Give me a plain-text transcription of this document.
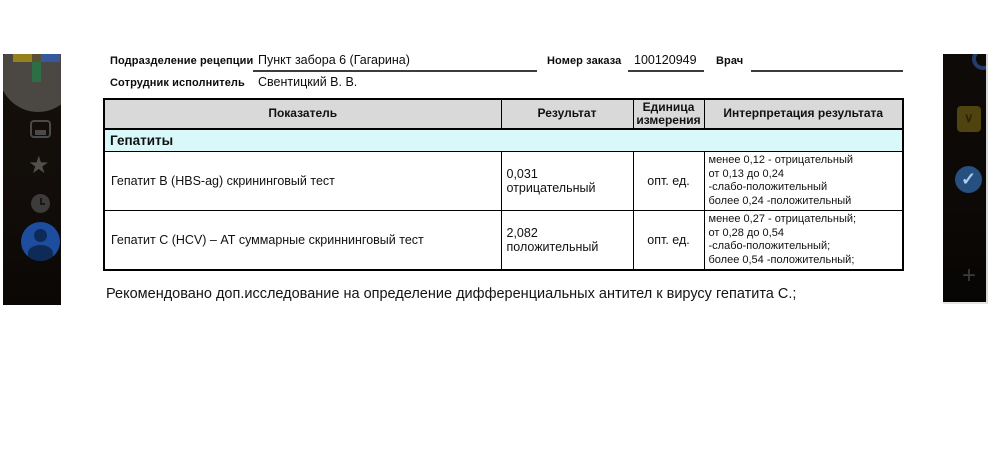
★
∨	✓
+
Подразделение рецепции Пункт забора 6 (Гагарина)	Номер заказа 100120949 Врач
Сотрудник исполнитель Свентицкий В. В.
Показатель	Результат	Единица измерения	Интерпретация результата
Гепатиты			
Гепатит B (HBS-ag) скрининговый тест	0,031 отрицательный	опт. ед.	менее 0,12 - отрицательный
от 0,13 до 0,24
-слабо-положительный
более 0,24 -положительный

Гепатит C (HCV) – АТ суммарные скриннинговый тест	2,082 положительный	опт. ед.	менее 0,27 - отрицательный;
от 0,28 до 0,54
-слабо-положительный;
более 0,54 -положительный;
Рекомендовано доп.исследование на определение дифференциальных антител к вирусу гепатита С.;
